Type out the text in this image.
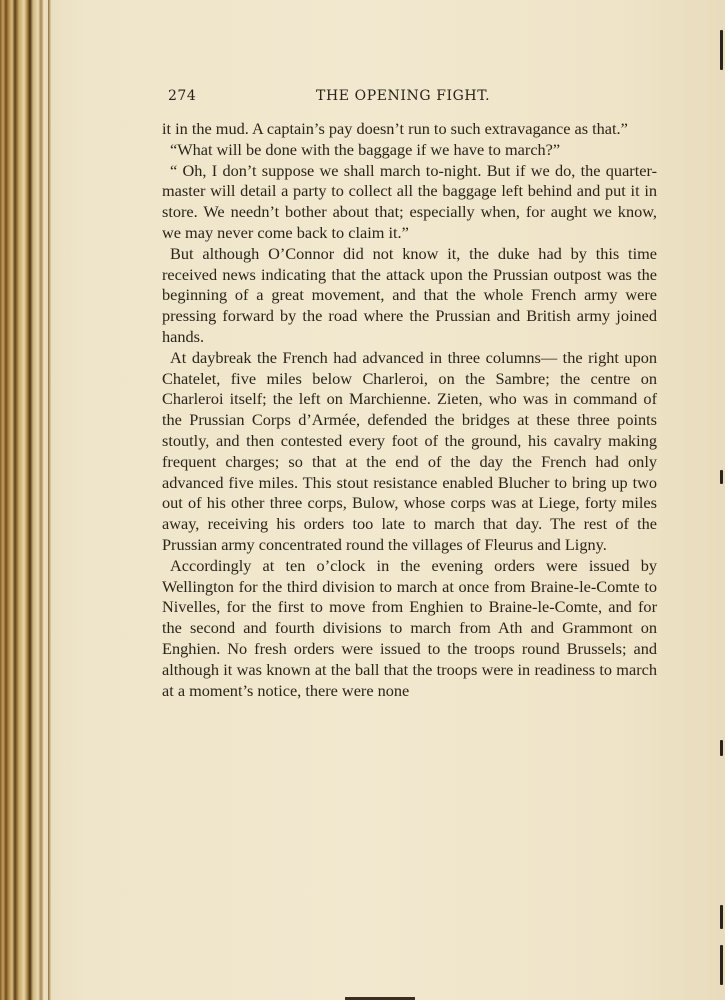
274	THE OPENING FIGHT.

it in the mud. A captain’s pay doesn’t run to such extravagance as that.”

“What will be done with the baggage if we have to march?”

“ Oh, I don’t suppose we shall march to-night. But if we do, the quarter-master will detail a party to collect all the baggage left behind and put it in store. We needn’t bother about that; especially when, for aught we know, we may never come back to claim it.”

But although O’Connor did not know it, the duke had by this time received news indicating that the attack upon the Prussian outpost was the beginning of a great movement, and that the whole French army were pressing forward by the road where the Prussian and British army joined hands.

At daybreak the French had advanced in three columns— the right upon Chatelet, five miles below Charleroi, on the Sambre; the centre on Charleroi itself; the left on Marchienne. Zieten, who was in command of the Prussian Corps d’Armée, defended the bridges at these three points stoutly, and then contested every foot of the ground, his cavalry making frequent charges; so that at the end of the day the French had only advanced five miles. This stout resistance enabled Blucher to bring up two out of his other three corps, Bulow, whose corps was at Liege, forty miles away, receiving his orders too late to march that day. The rest of the Prussian army concentrated round the villages of Fleurus and Ligny.

Accordingly at ten o’clock in the evening orders were issued by Wellington for the third division to march at once from Braine-le-Comte to Nivelles, for the first to move from Enghien to Braine-le-Comte, and for the second and fourth divisions to march from Ath and Grammont on Enghien. No fresh orders were issued to the troops round Brussels; and although it was known at the ball that the troops were in readiness to march at a moment’s notice, there were none
